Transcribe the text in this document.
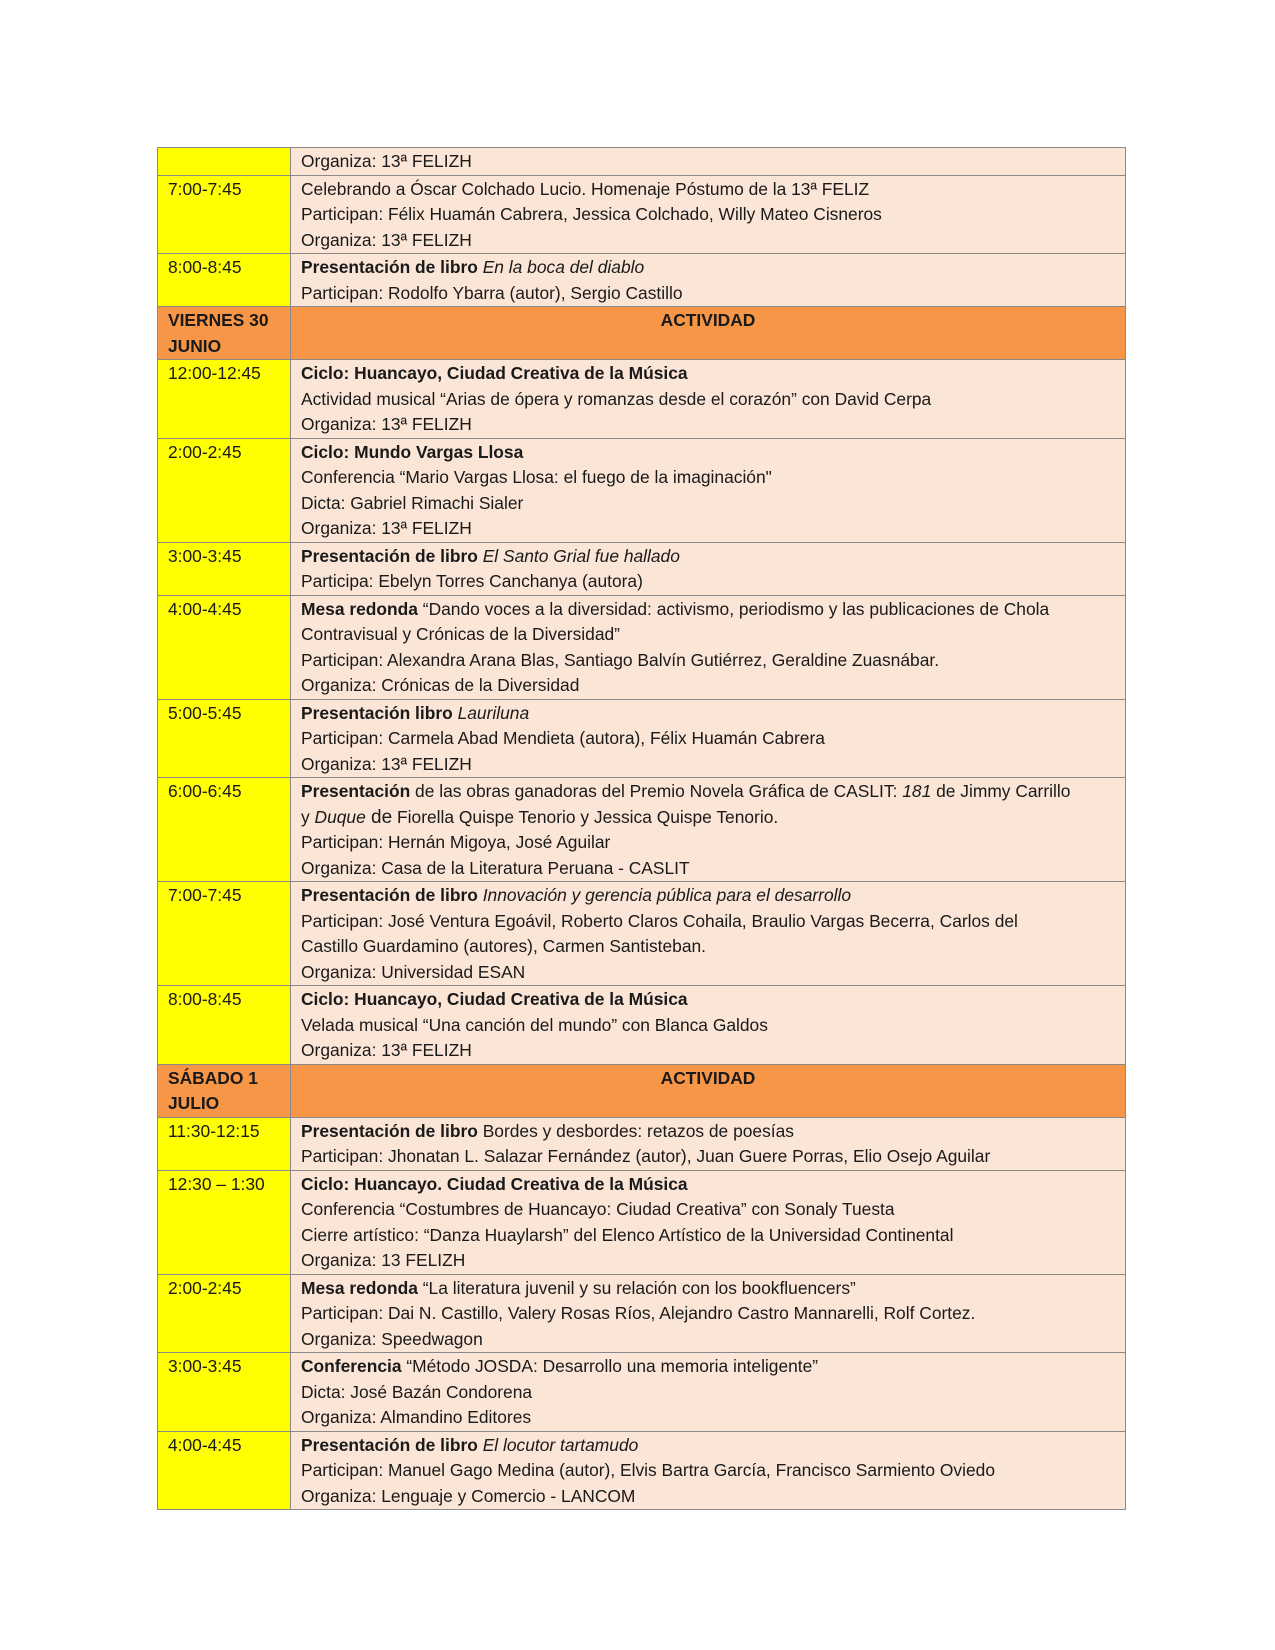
	Organiza: 13ª FELIZH

7:00-7:45	Celebrando a Óscar Colchado Lucio. Homenaje Póstumo de la 13ª FELIZ
Participan: Félix Huamán Cabrera, Jessica Colchado, Willy Mateo Cisneros
Organiza: 13ª FELIZH

8:00-8:45	Presentación de libro En la boca del diablo
Participan: Rodolfo Ybarra (autor), Sergio Castillo

VIERNES 30
JUNIO	ACTIVIDAD
12:00-12:45	Ciclo: Huancayo, Ciudad Creativa de la Música
Actividad musical “Arias de ópera y romanzas desde el corazón” con David Cerpa
Organiza: 13ª FELIZH

2:00-2:45	Ciclo: Mundo Vargas Llosa
Conferencia “Mario Vargas Llosa: el fuego de la imaginación"
Dicta: Gabriel Rimachi Sialer
Organiza: 13ª FELIZH

3:00-3:45	Presentación de libro El Santo Grial fue hallado
Participa: Ebelyn Torres Canchanya (autora)

4:00-4:45	Mesa redonda “Dando voces a la diversidad: activismo, periodismo y las publicaciones de Chola
Contravisual y Crónicas de la Diversidad”
Participan: Alexandra Arana Blas, Santiago Balvín Gutiérrez, Geraldine Zuasnábar.
Organiza: Crónicas de la Diversidad

5:00-5:45	Presentación libro Lauriluna
Participan: Carmela Abad Mendieta (autora), Félix Huamán Cabrera
Organiza: 13ª FELIZH

6:00-6:45	Presentación de las obras ganadoras del Premio Novela Gráfica de CASLIT: 181 de Jimmy Carrillo
y Duque de Fiorella Quispe Tenorio y Jessica Quispe Tenorio.
Participan: Hernán Migoya, José Aguilar
Organiza: Casa de la Literatura Peruana - CASLIT

7:00-7:45	Presentación de libro Innovación y gerencia pública para el desarrollo
Participan: José Ventura Egoávil, Roberto Claros Cohaila, Braulio Vargas Becerra, Carlos del
Castillo Guardamino (autores), Carmen Santisteban.
Organiza: Universidad ESAN

8:00-8:45	Ciclo: Huancayo, Ciudad Creativa de la Música
Velada musical “Una canción del mundo” con Blanca Galdos
Organiza: 13ª FELIZH

SÁBADO 1
JULIO	ACTIVIDAD
11:30-12:15	Presentación de libro Bordes y desbordes: retazos de poesías
Participan: Jhonatan L. Salazar Fernández (autor), Juan Guere Porras, Elio Osejo Aguilar

12:30 – 1:30	Ciclo: Huancayo. Ciudad Creativa de la Música
Conferencia “Costumbres de Huancayo: Ciudad Creativa” con Sonaly Tuesta
Cierre artístico: “Danza Huaylarsh” del Elenco Artístico de la Universidad Continental
Organiza: 13 FELIZH

2:00-2:45	Mesa redonda “La literatura juvenil y su relación con los bookfluencers”
Participan: Dai N. Castillo, Valery Rosas Ríos, Alejandro Castro Mannarelli, Rolf Cortez.
Organiza: Speedwagon

3:00-3:45	Conferencia “Método JOSDA: Desarrollo una memoria inteligente”
Dicta: José Bazán Condorena
Organiza: Almandino Editores

4:00-4:45	Presentación de libro El locutor tartamudo
Participan: Manuel Gago Medina (autor), Elvis Bartra García, Francisco Sarmiento Oviedo
Organiza: Lenguaje y Comercio - LANCOM
